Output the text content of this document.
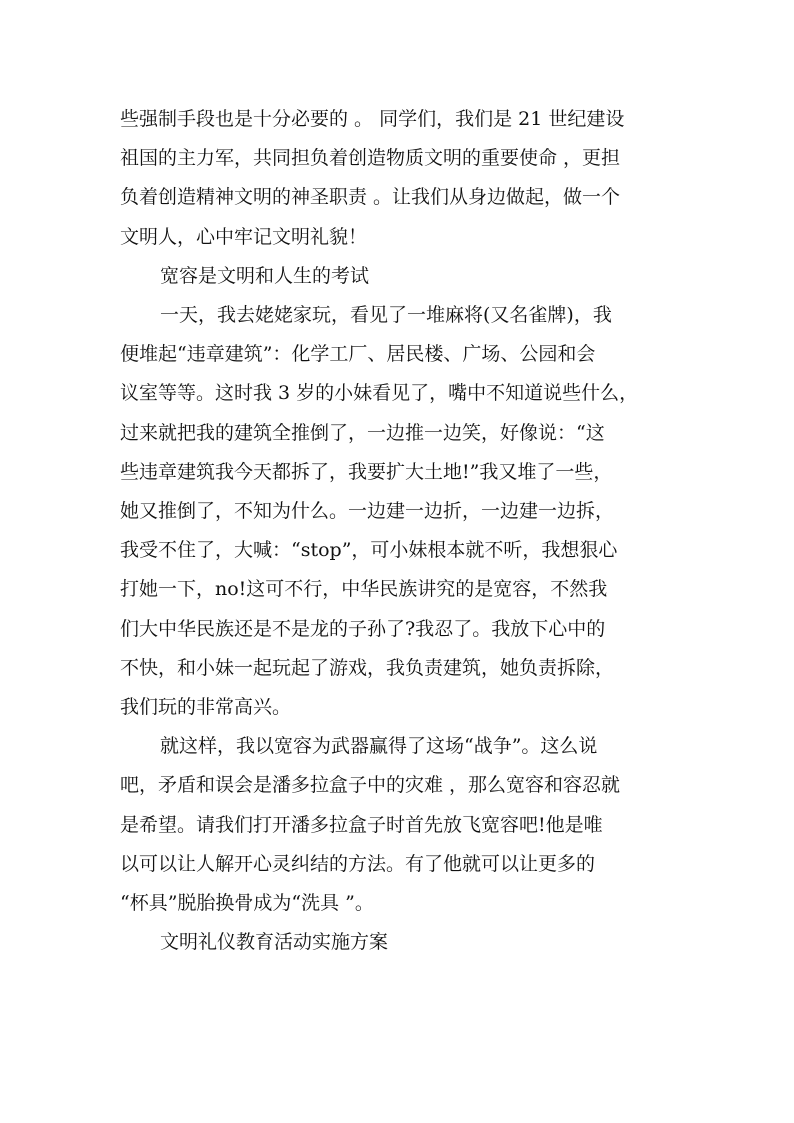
些强制手段也是十分必要的 。 同学们，我们是 21 世纪建设
祖国的主力军，共同担负着创造物质文明的重要使命 ，更担
负着创造精神文明的神圣职责 。让我们从身边做起，做一个
文明人，心中牢记文明礼貌！

宽容是文明和人生的考试

一天，我去姥姥家玩，看见了一堆麻将(又名雀牌)，我
便堆起“违章建筑”：化学工厂、居民楼、广场、公园和会
议室等等。这时我 3 岁的小妹看见了，嘴中不知道说些什么，
过来就把我的建筑全推倒了，一边推一边笑，好像说：“这
些违章建筑我今天都拆了，我要扩大土地!”我又堆了一些，
她又推倒了，不知为什么。一边建一边折，一边建一边拆，
我受不住了，大喊：“stop”，可小妹根本就不听，我想狠心
打她一下，no!这可不行，中华民族讲究的是宽容，不然我
们大中华民族还是不是龙的子孙了?我忍了。我放下心中的
不快，和小妹一起玩起了游戏，我负责建筑，她负责拆除，
我们玩的非常高兴。

就这样，我以宽容为武器赢得了这场“战争”。这么说
吧，矛盾和误会是潘多拉盒子中的灾难 ，那么宽容和容忍就
是希望。请我们打开潘多拉盒子时首先放飞宽容吧!他是唯
以可以让人解开心灵纠结的方法。有了他就可以让更多的
“杯具”脱胎换骨成为“洗具 ”。

文明礼仪教育活动实施方案
